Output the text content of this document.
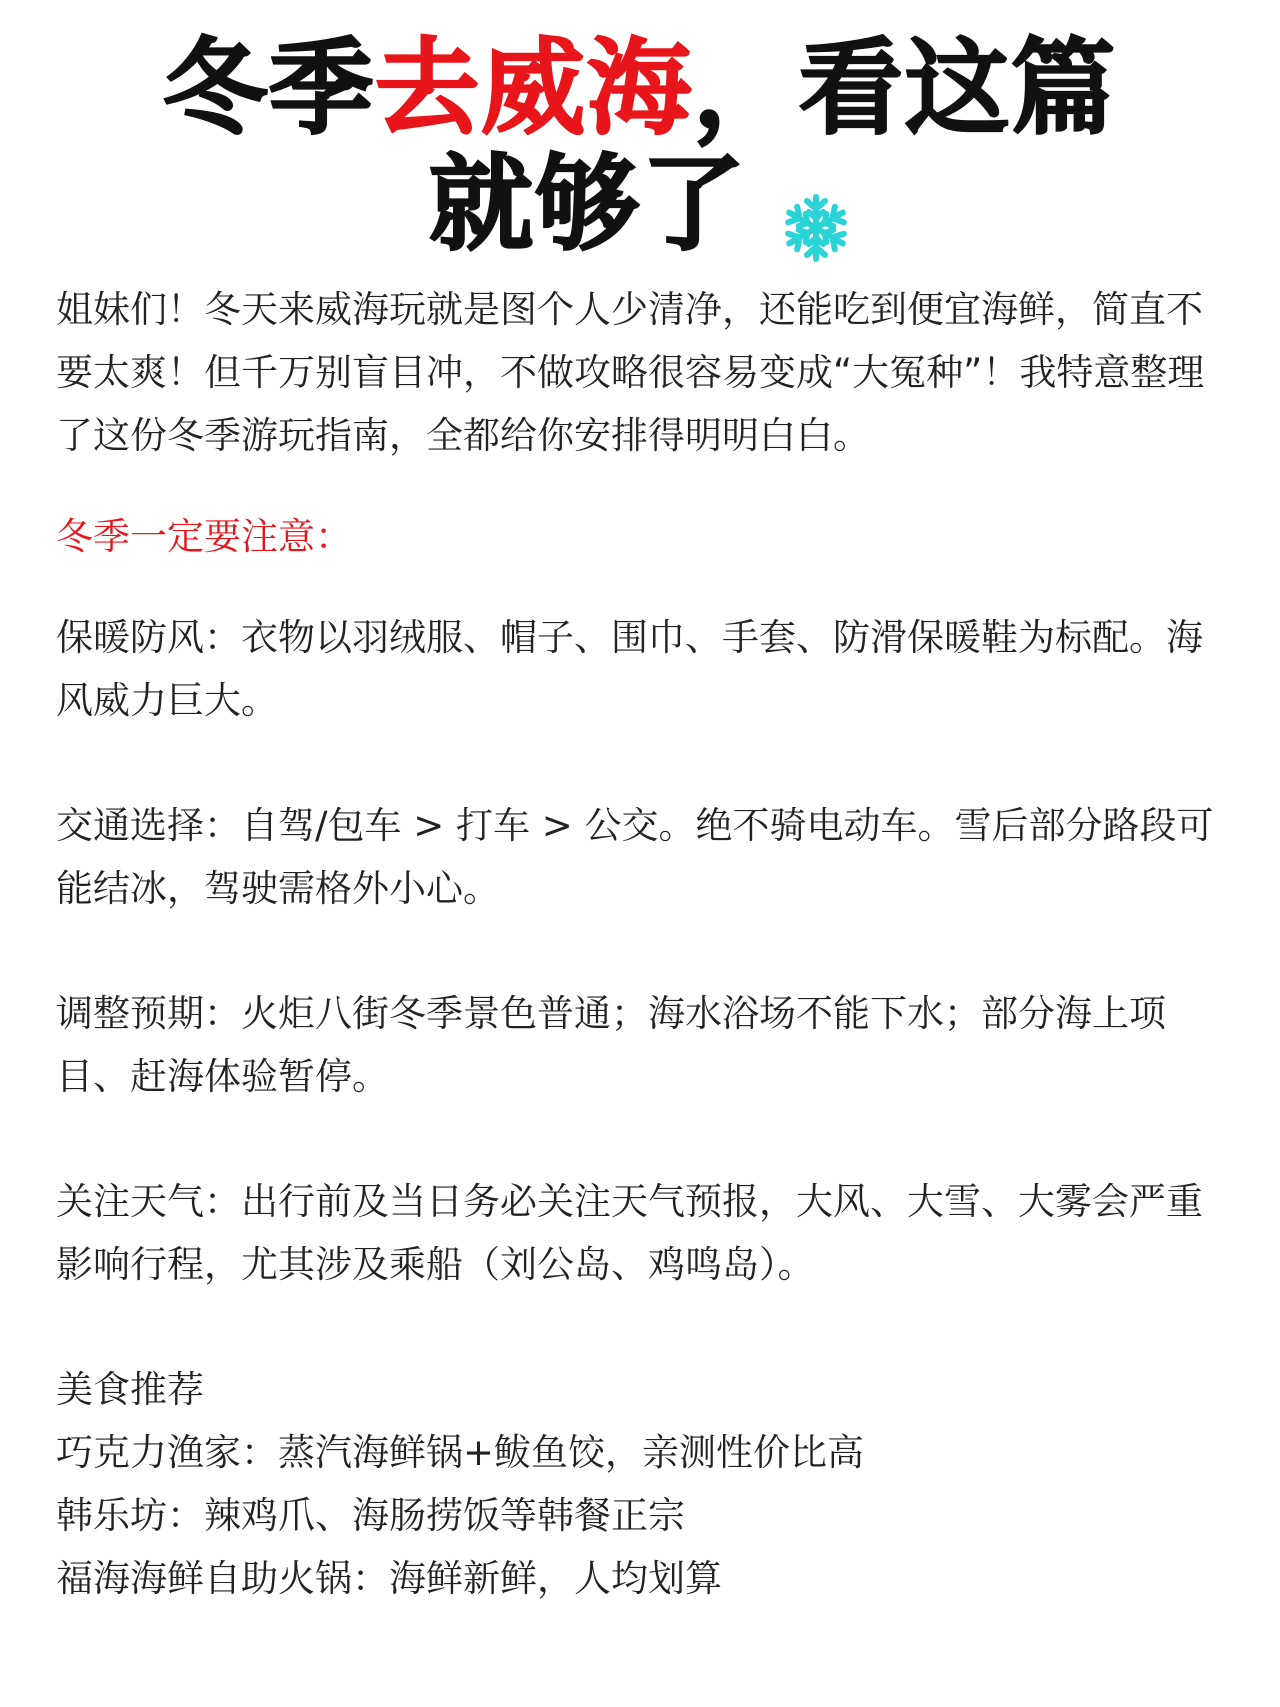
冬季去威海，看这篇
就够了

姐妹们！冬天来威海玩就是图个人少清净，还能吃到便宜海鲜，简直不要太爽！但千万别盲目冲，不做攻略很容易变成“大冤种”！我特意整理了这份冬季游玩指南，全都给你安排得明明白白。

冬季一定要注意：

保暖防风：衣物以羽绒服、帽子、围巾、手套、防滑保暖鞋为标配。海风威力巨大。

交通选择：自驾/包车 > 打车 > 公交。绝不骑电动车。雪后部分路段可能结冰，驾驶需格外小心。

调整预期：火炬八街冬季景色普通；海水浴场不能下水；部分海上项目、赶海体验暂停。

关注天气：出行前及当日务必关注天气预报，大风、大雪、大雾会严重影响行程，尤其涉及乘船（刘公岛、鸡鸣岛）。

美食推荐

巧克力渔家：蒸汽海鲜锅+鲅鱼饺，亲测性价比高

韩乐坊：辣鸡爪、海肠捞饭等韩餐正宗

福海海鲜自助火锅：海鲜新鲜，人均划算
